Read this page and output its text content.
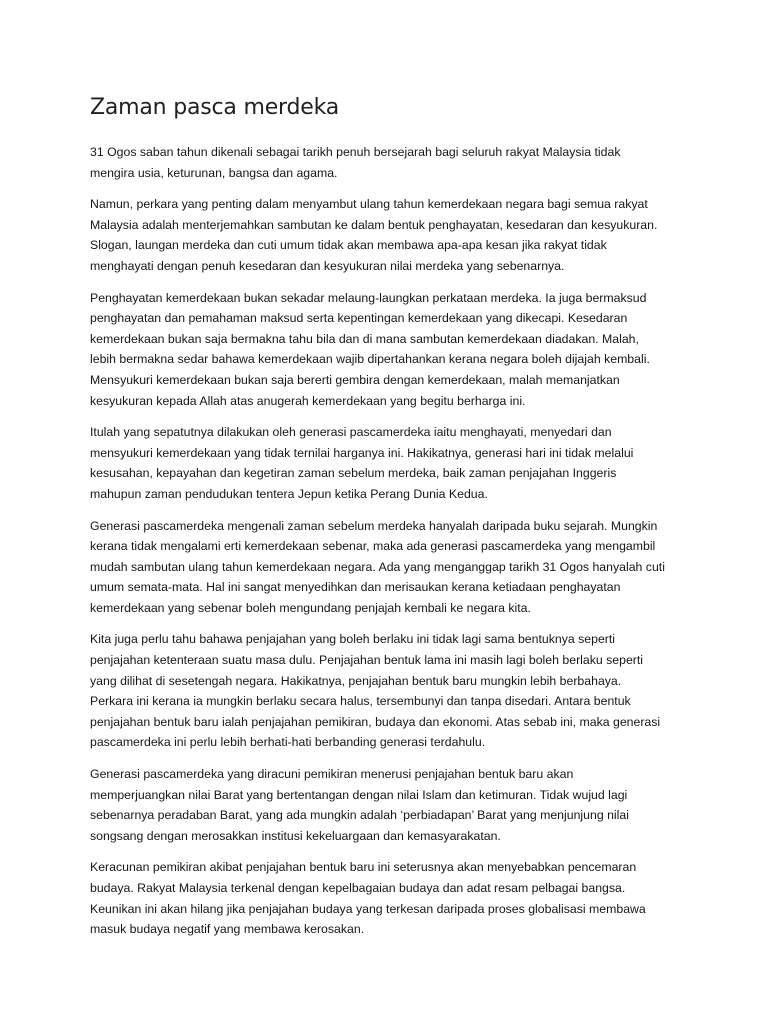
Zaman pasca merdeka

31 Ogos saban tahun dikenali sebagai tarikh penuh bersejarah bagi seluruh rakyat Malaysia tidak
mengira usia, keturunan, bangsa dan agama.

Namun, perkara yang penting dalam menyambut ulang tahun kemerdekaan negara bagi semua rakyat
Malaysia adalah menterjemahkan sambutan ke dalam bentuk penghayatan, kesedaran dan kesyukuran.
Slogan, laungan merdeka dan cuti umum tidak akan membawa apa-apa kesan jika rakyat tidak
menghayati dengan penuh kesedaran dan kesyukuran nilai merdeka yang sebenarnya.

Penghayatan kemerdekaan bukan sekadar melaung-laungkan perkataan merdeka. Ia juga bermaksud
penghayatan dan pemahaman maksud serta kepentingan kemerdekaan yang dikecapi. Kesedaran
kemerdekaan bukan saja bermakna tahu bila dan di mana sambutan kemerdekaan diadakan. Malah,
lebih bermakna sedar bahawa kemerdekaan wajib dipertahankan kerana negara boleh dijajah kembali.
Mensyukuri kemerdekaan bukan saja bererti gembira dengan kemerdekaan, malah memanjatkan
kesyukuran kepada Allah atas anugerah kemerdekaan yang begitu berharga ini.

Itulah yang sepatutnya dilakukan oleh generasi pascamerdeka iaitu menghayati, menyedari dan
mensyukuri kemerdekaan yang tidak ternilai harganya ini. Hakikatnya, generasi hari ini tidak melalui
kesusahan, kepayahan dan kegetiran zaman sebelum merdeka, baik zaman penjajahan Inggeris
mahupun zaman pendudukan tentera Jepun ketika Perang Dunia Kedua.

Generasi pascamerdeka mengenali zaman sebelum merdeka hanyalah daripada buku sejarah. Mungkin
kerana tidak mengalami erti kemerdekaan sebenar, maka ada generasi pascamerdeka yang mengambil
mudah sambutan ulang tahun kemerdekaan negara. Ada yang menganggap tarikh 31 Ogos hanyalah cuti
umum semata-mata. Hal ini sangat menyedihkan dan merisaukan kerana ketiadaan penghayatan
kemerdekaan yang sebenar boleh mengundang penjajah kembali ke negara kita.

Kita juga perlu tahu bahawa penjajahan yang boleh berlaku ini tidak lagi sama bentuknya seperti
penjajahan ketenteraan suatu masa dulu. Penjajahan bentuk lama ini masih lagi boleh berlaku seperti
yang dilihat di sesetengah negara. Hakikatnya, penjajahan bentuk baru mungkin lebih berbahaya.
Perkara ini kerana ia mungkin berlaku secara halus, tersembunyi dan tanpa disedari. Antara bentuk
penjajahan bentuk baru ialah penjajahan pemikiran, budaya dan ekonomi. Atas sebab ini, maka generasi
pascamerdeka ini perlu lebih berhati-hati berbanding generasi terdahulu.

Generasi pascamerdeka yang diracuni pemikiran menerusi penjajahan bentuk baru akan
memperjuangkan nilai Barat yang bertentangan dengan nilai Islam dan ketimuran. Tidak wujud lagi
sebenarnya peradaban Barat, yang ada mungkin adalah ‘perbiadapan’ Barat yang menjunjung nilai
songsang dengan merosakkan institusi kekeluargaan dan kemasyarakatan.

Keracunan pemikiran akibat penjajahan bentuk baru ini seterusnya akan menyebabkan pencemaran
budaya. Rakyat Malaysia terkenal dengan kepelbagaian budaya dan adat resam pelbagai bangsa.
Keunikan ini akan hilang jika penjajahan budaya yang terkesan daripada proses globalisasi membawa
masuk budaya negatif yang membawa kerosakan.
